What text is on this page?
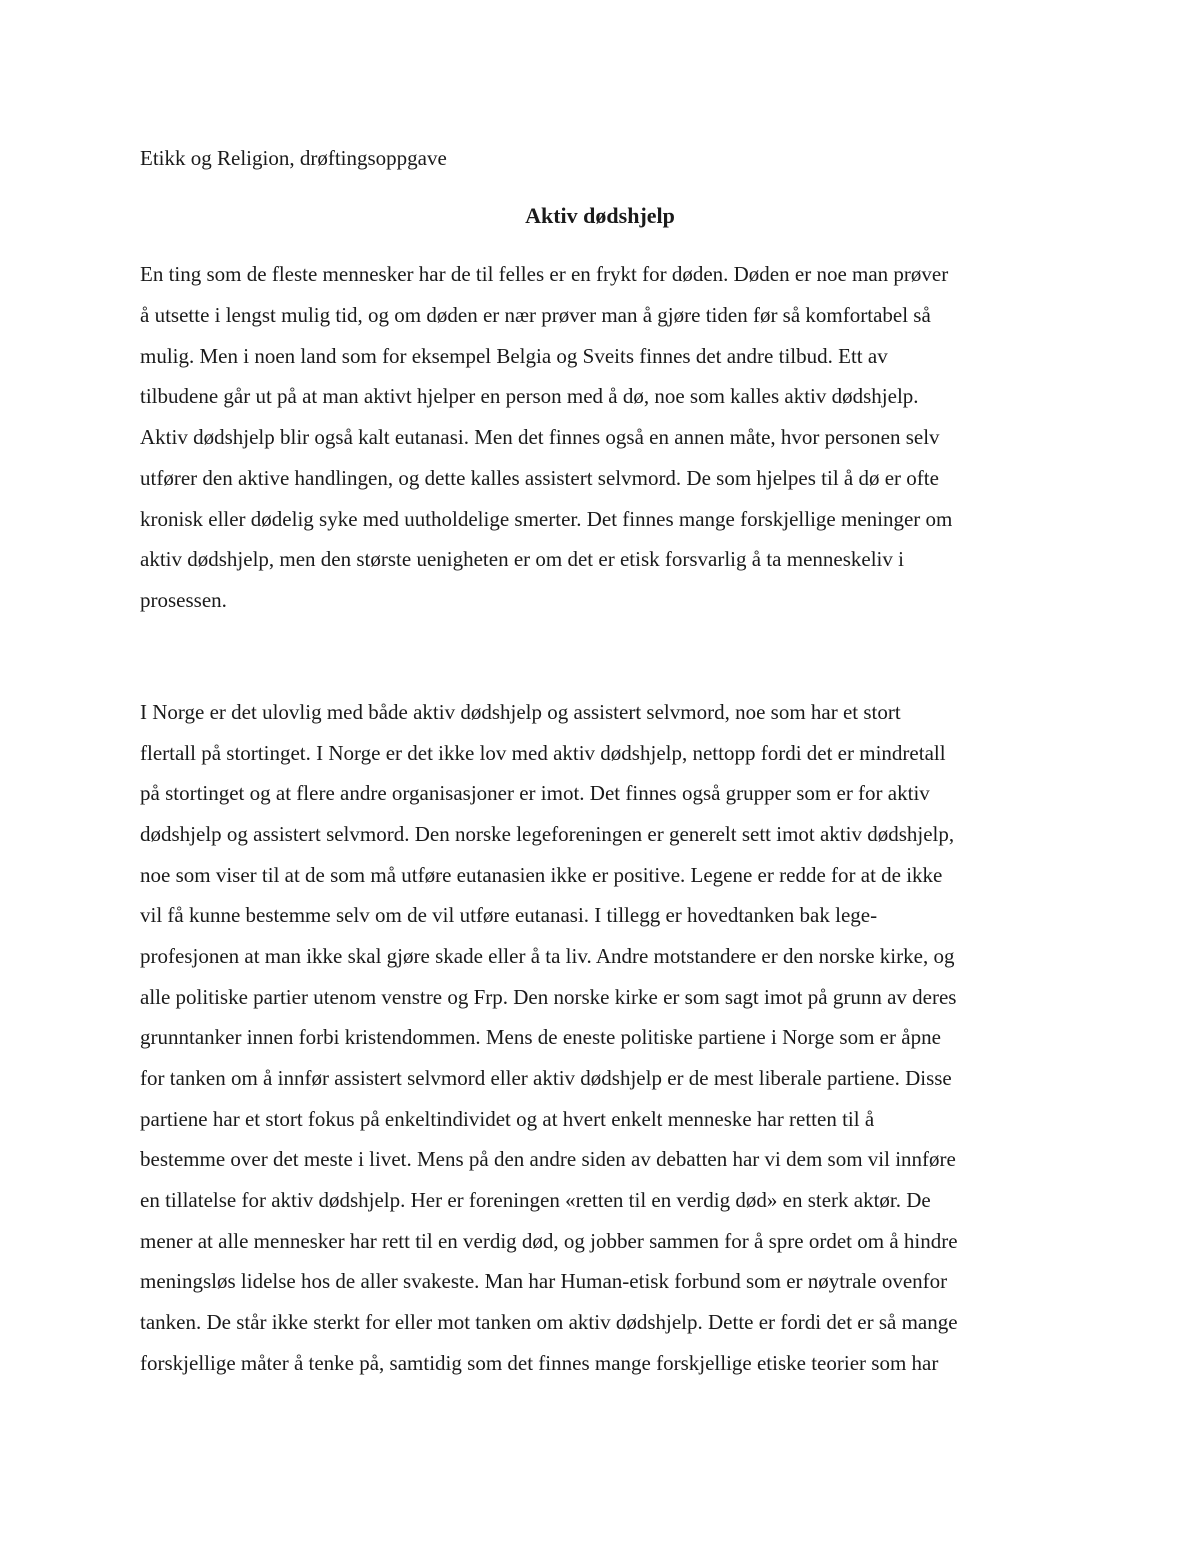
Etikk og Religion, drøftingsoppgave

Aktiv dødshjelp

En ting som de fleste mennesker har de til felles er en frykt for døden. Døden er noe man prøver

å utsette i lengst mulig tid, og om døden er nær prøver man å gjøre tiden før så komfortabel så

mulig. Men i noen land som for eksempel Belgia og Sveits finnes det andre tilbud. Ett av

tilbudene går ut på at man aktivt hjelper en person med å dø, noe som kalles aktiv dødshjelp.

Aktiv dødshjelp blir også kalt eutanasi. Men det finnes også en annen måte, hvor personen selv

utfører den aktive handlingen, og dette kalles assistert selvmord. De som hjelpes til å dø er ofte

kronisk eller dødelig syke med uutholdelige smerter. Det finnes mange forskjellige meninger om

aktiv dødshjelp, men den største uenigheten er om det er etisk forsvarlig å ta menneskeliv i

prosessen.

I Norge er det ulovlig med både aktiv dødshjelp og assistert selvmord, noe som har et stort

flertall på stortinget. I Norge er det ikke lov med aktiv dødshjelp, nettopp fordi det er mindretall

på stortinget og at flere andre organisasjoner er imot. Det finnes også grupper som er for aktiv

dødshjelp og assistert selvmord. Den norske legeforeningen er generelt sett imot aktiv dødshjelp,

noe som viser til at de som må utføre eutanasien ikke er positive. Legene er redde for at de ikke

vil få kunne bestemme selv om de vil utføre eutanasi. I tillegg er hovedtanken bak lege-

profesjonen at man ikke skal gjøre skade eller å ta liv. Andre motstandere er den norske kirke, og

alle politiske partier utenom venstre og Frp. Den norske kirke er som sagt imot på grunn av deres

grunntanker innen forbi kristendommen. Mens de eneste politiske partiene i Norge som er åpne

for tanken om å innfør assistert selvmord eller aktiv dødshjelp er de mest liberale partiene. Disse

partiene har et stort fokus på enkeltindividet og at hvert enkelt menneske har retten til å

bestemme over det meste i livet. Mens på den andre siden av debatten har vi dem som vil innføre

en tillatelse for aktiv dødshjelp. Her er foreningen «retten til en verdig død» en sterk aktør. De

mener at alle mennesker har rett til en verdig død, og jobber sammen for å spre ordet om å hindre

meningsløs lidelse hos de aller svakeste. Man har Human-etisk forbund som er nøytrale ovenfor

tanken. De står ikke sterkt for eller mot tanken om aktiv dødshjelp. Dette er fordi det er så mange

forskjellige måter å tenke på, samtidig som det finnes mange forskjellige etiske teorier som har
